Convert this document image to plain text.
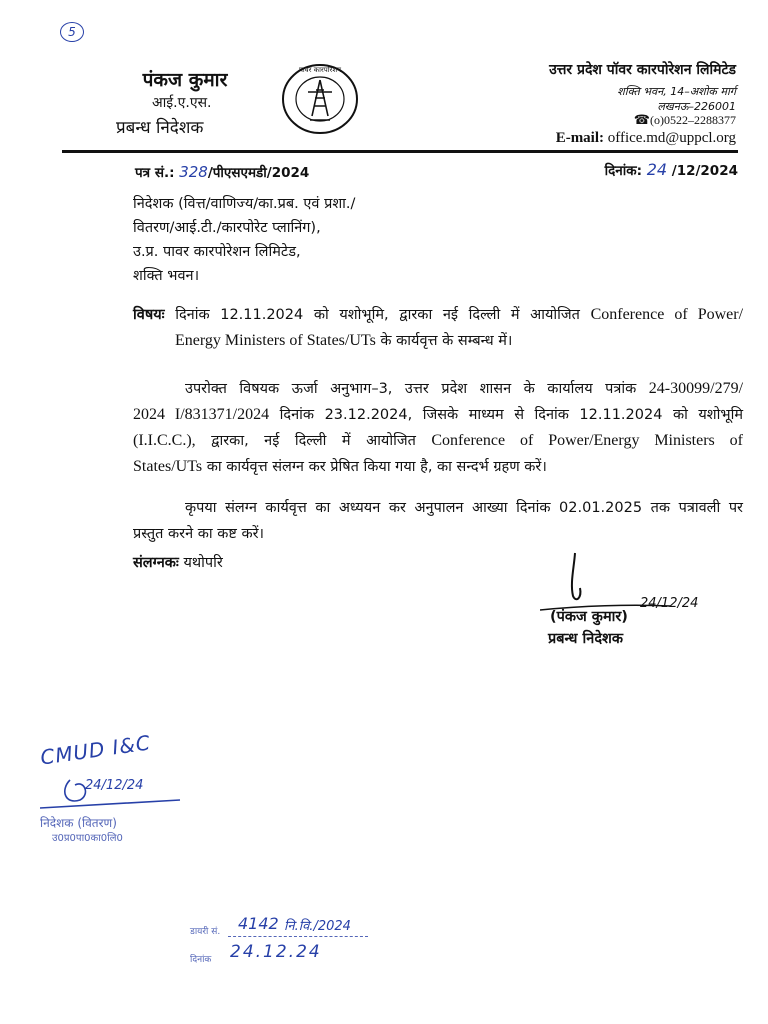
5
पंकज कुमार
आई.ए.एस.
प्रबन्ध निदेशक
पावर कारपोरेशन	उत्तर प्रदेश पॉवर कारपोरेशन लिमिटेड
शक्ति भवन, 14–अशोक मार्ग
लखनऊ–226001
☎(o)0522–2288377
E-mail: office.md@uppcl.org
पत्र सं.: 328/पीएसएमडी/2024	दिनांक: 24 /12/2024
निदेशक (वित्त/वाणिज्य/का.प्रब. एवं प्रशा./
वितरण/आई.टी./कारपोरेट प्लानिंग),
उ.प्र. पावर कारपोरेशन लिमिटेड,
शक्ति भवन।
विषयः दिनांक 12.11.2024 को यशोभूमि, द्वारका नई दिल्ली में आयोजित Conference of Power/
Energy Ministers of States/UTs के कार्यवृत्त के सम्बन्ध में।
उपरोक्त विषयक ऊर्जा अनुभाग–3, उत्तर प्रदेश शासन के कार्यालय पत्रांक 24-30099/279/
2024 I/831371/2024 दिनांक 23.12.2024, जिसके माध्यम से दिनांक 12.11.2024 को यशोभूमि
(I.I.C.C.), द्वारका, नई दिल्ली में आयोजित Conference of Power/Energy Ministers of
States/UTs का कार्यवृत्त संलग्न कर प्रेषित किया गया है, का सन्दर्भ ग्रहण करें।
कृपया संलग्न कार्यवृत्त का अध्ययन कर अनुपालन आख्या दिनांक 02.01.2025 तक पत्रावली पर
प्रस्तुत करने का कष्ट करें।
संलग्नकः यथोपरि
24/12/24
(पंकज कुमार)
प्रबन्ध निदेशक
CMUD I&C
24/12/24
निदेशक (वितरण)
उ0प्र0पा0का0लि0
डायरी सं. 4142 नि.वि./2024
दिनांक 24.12.24
